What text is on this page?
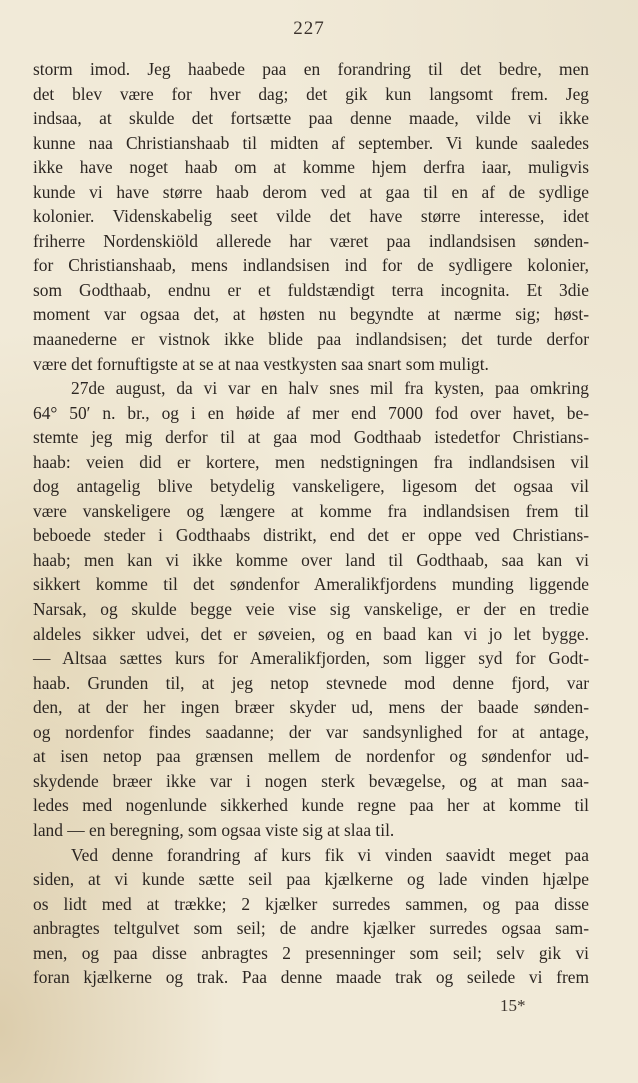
227
storm imod. Jeg haabede paa en forandring til det bedre, men
det blev være for hver dag; det gik kun langsomt frem. Jeg
indsaa, at skulde det fortsætte paa denne maade, vilde vi ikke
kunne naa Christianshaab til midten af september. Vi kunde saaledes
ikke have noget haab om at komme hjem derfra iaar, muligvis
kunde vi have større haab derom ved at gaa til en af de sydlige
kolonier. Videnskabelig seet vilde det have større interesse, idet
friherre Nordenskiöld allerede har været paa indlandsisen sønden-
for Christianshaab, mens indlandsisen ind for de sydligere kolonier,
som Godthaab, endnu er et fuldstændigt terra incognita. Et 3die
moment var ogsaa det, at høsten nu begyndte at nærme sig; høst-
maanederne er vistnok ikke blide paa indlandsisen; det turde derfor
være det fornuftigste at se at naa vestkysten saa snart som muligt.
27de august, da vi var en halv snes mil fra kysten, paa omkring
64° 50′ n. br., og i en høide af mer end 7000 fod over havet, be-
stemte jeg mig derfor til at gaa mod Godthaab istedetfor Christians-
haab: veien did er kortere, men nedstigningen fra indlandsisen vil
dog antagelig blive betydelig vanskeligere, ligesom det ogsaa vil
være vanskeligere og længere at komme fra indlandsisen frem til
beboede steder i Godthaabs distrikt, end det er oppe ved Christians-
haab; men kan vi ikke komme over land til Godthaab, saa kan vi
sikkert komme til det søndenfor Ameralikfjordens munding liggende
Narsak, og skulde begge veie vise sig vanskelige, er der en tredie
aldeles sikker udvei, det er søveien, og en baad kan vi jo let bygge.
— Altsaa sættes kurs for Ameralikfjorden, som ligger syd for Godt-
haab. Grunden til, at jeg netop stevnede mod denne fjord, var
den, at der her ingen bræer skyder ud, mens der baade sønden-
og nordenfor findes saadanne; der var sandsynlighed for at antage,
at isen netop paa grænsen mellem de nordenfor og søndenfor ud-
skydende bræer ikke var i nogen sterk bevægelse, og at man saa-
ledes med nogenlunde sikkerhed kunde regne paa her at komme til
land — en beregning, som ogsaa viste sig at slaa til.
Ved denne forandring af kurs fik vi vinden saavidt meget paa
siden, at vi kunde sætte seil paa kjælkerne og lade vinden hjælpe
os lidt med at trække; 2 kjælker surredes sammen, og paa disse
anbragtes teltgulvet som seil; de andre kjælker surredes ogsaa sam-
men, og paa disse anbragtes 2 presenninger som seil; selv gik vi
foran kjælkerne og trak. Paa denne maade trak og seilede vi frem
15*
